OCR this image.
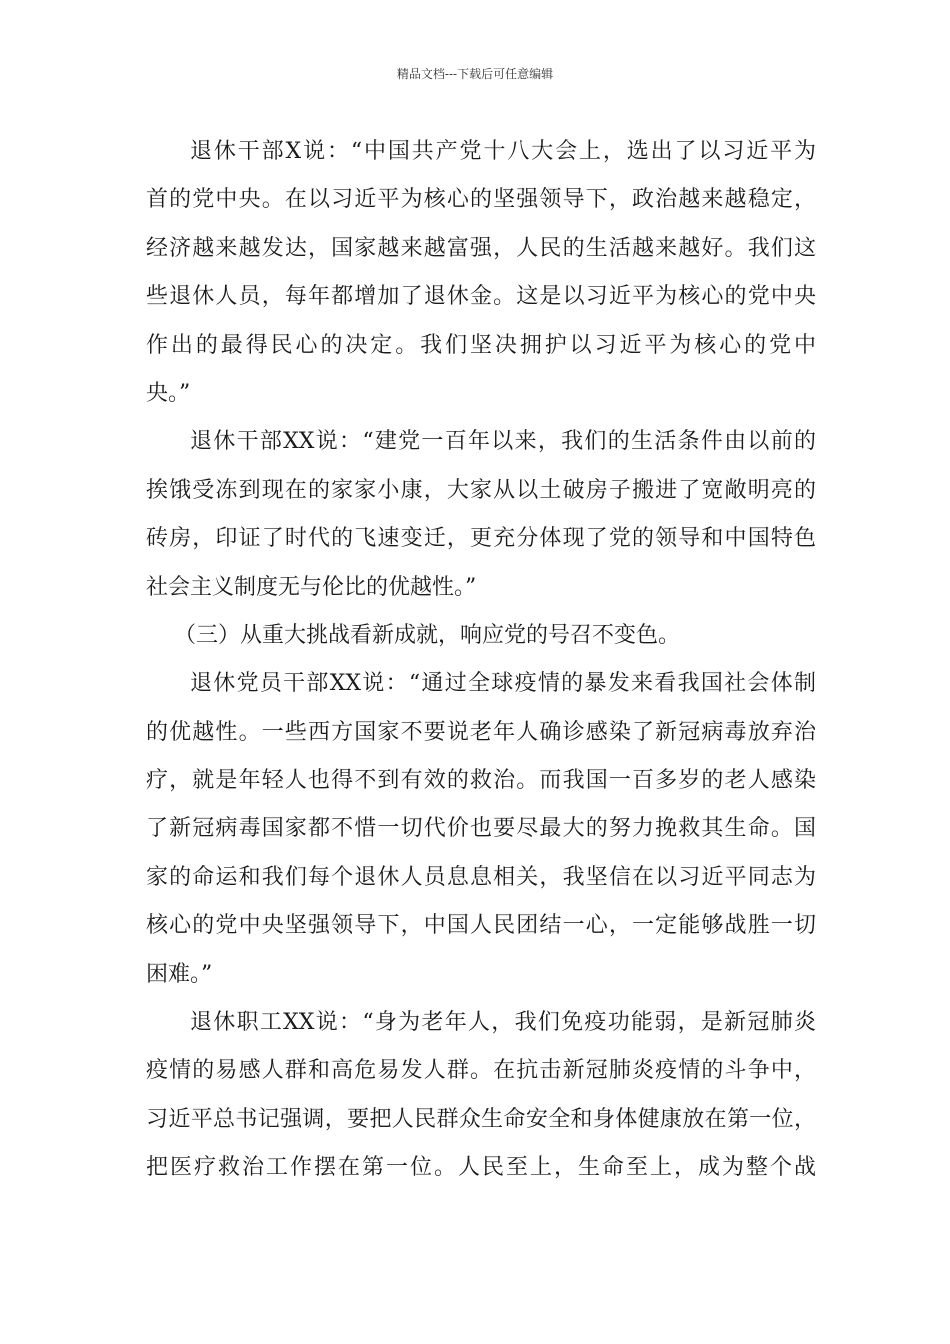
精品文档---下载后可任意编辑
退休干部X说：“中国共产党十八大会上，选出了以习近平为
首的党中央。在以习近平为核心的坚强领导下，政治越来越稳定，
经济越来越发达，国家越来越富强，人民的生活越来越好。我们这
些退休人员，每年都增加了退休金。这是以习近平为核心的党中央
作出的最得民心的决定。我们坚决拥护以习近平为核心的党中
央。”
退休干部XX说：“建党一百年以来，我们的生活条件由以前的
挨饿受冻到现在的家家小康，大家从以土破房子搬进了宽敞明亮的
砖房，印证了时代的飞速变迁，更充分体现了党的领导和中国特色
社会主义制度无与伦比的优越性。”
（三）从重大挑战看新成就，响应党的号召不变色。
退休党员干部XX说：“通过全球疫情的暴发来看我国社会体制
的优越性。一些西方国家不要说老年人确诊感染了新冠病毒放弃治
疗，就是年轻人也得不到有效的救治。而我国一百多岁的老人感染
了新冠病毒国家都不惜一切代价也要尽最大的努力挽救其生命。国
家的命运和我们每个退休人员息息相关，我坚信在以习近平同志为
核心的党中央坚强领导下，中国人民团结一心，一定能够战胜一切
困难。”
退休职工XX说：“身为老年人，我们免疫功能弱，是新冠肺炎
疫情的易感人群和高危易发人群。在抗击新冠肺炎疫情的斗争中，
习近平总书记强调，要把人民群众生命安全和身体健康放在第一位，
把医疗救治工作摆在第一位。人民至上，生命至上，成为整个战
